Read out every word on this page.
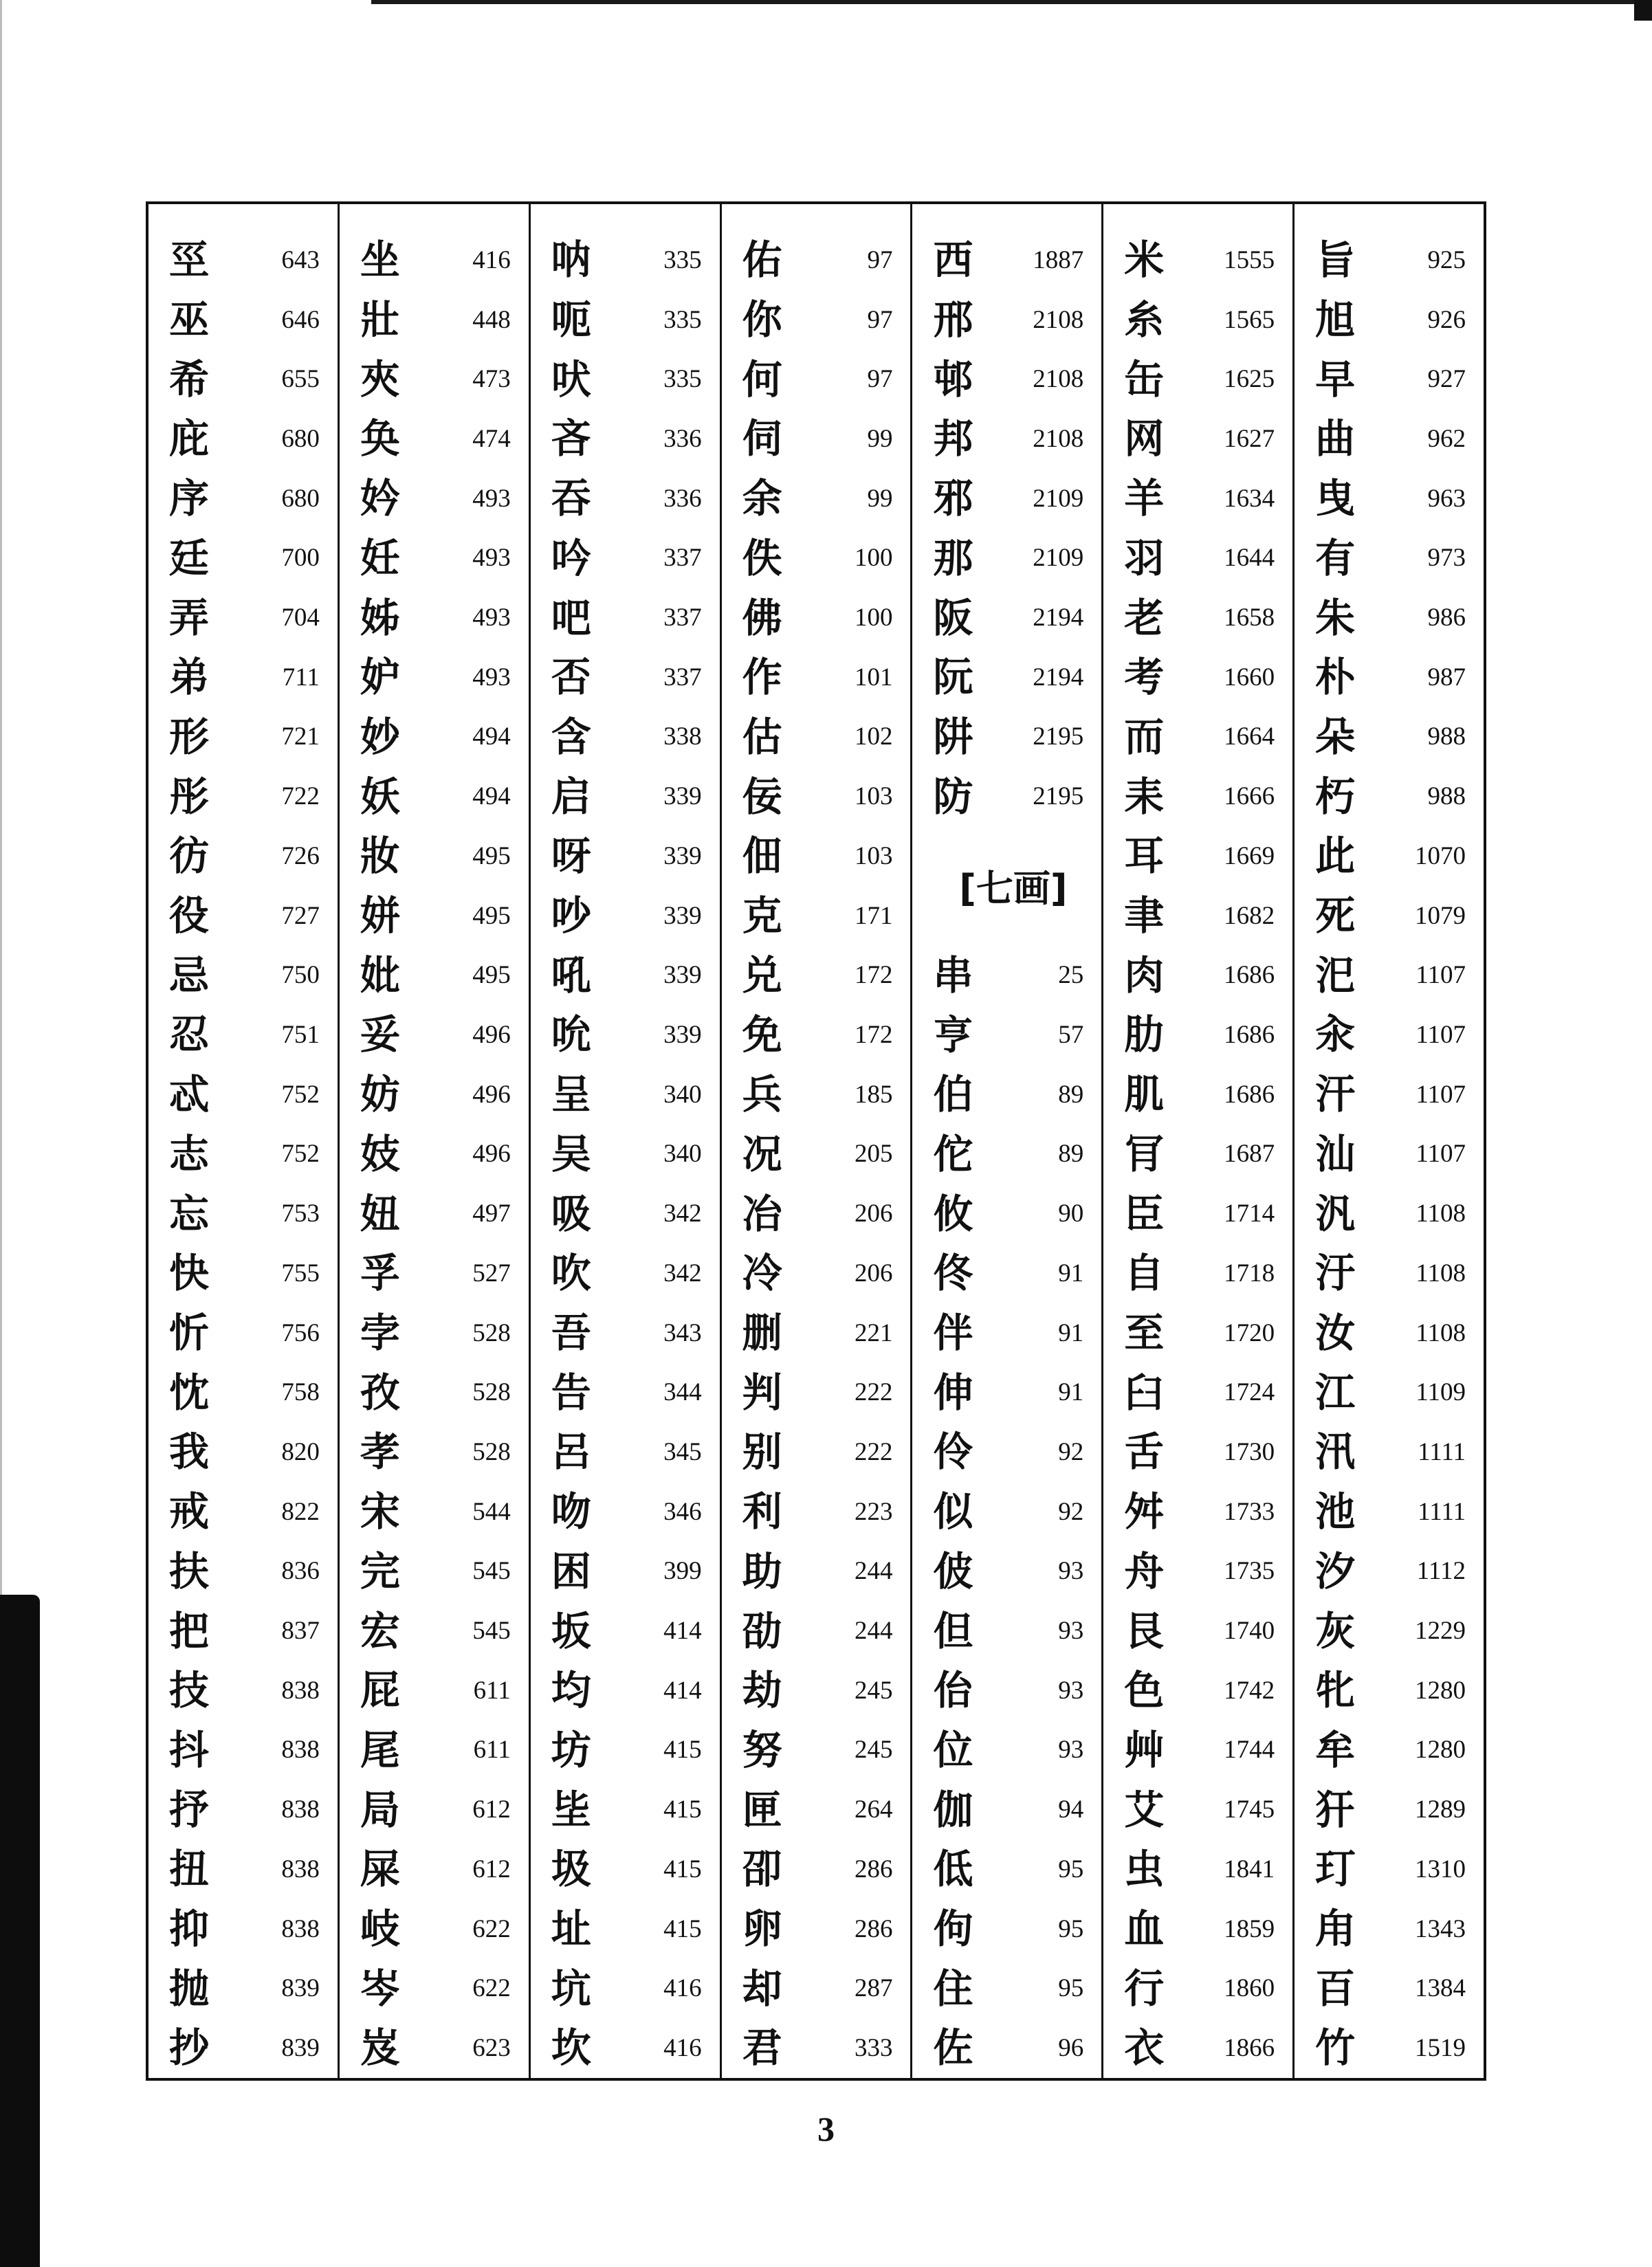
巠	643
巫	646
希	655
庇	680
序	680
廷	700
弄	704
弟	711
形	721
彤	722
彷	726
役	727
忌	750
忍	751
忒	752
志	752
忘	753
快	755
忻	756
忱	758
我	820
戒	822
扶	836
把	837
技	838
抖	838
抒	838
扭	838
抑	838
抛	839
抄	839
坐	416
壯	448
夾	473
奂	474
妗	493
妊	493
姊	493
妒	493
妙	494
妖	494
妝	495
姘	495
妣	495
妥	496
妨	496
妓	496
妞	497
孚	527
孛	528
孜	528
孝	528
宋	544
完	545
宏	545
屁	611
尾	611
局	612
屎	612
岐	622
岑	622
岌	623
呐	335
呃	335
吠	335
吝	336
吞	336
吟	337
吧	337
否	337
含	338
启	339
呀	339
吵	339
吼	339
吮	339
呈	340
吴	340
吸	342
吹	342
吾	343
告	344
呂	345
吻	346
困	399
坂	414
均	414
坊	415
坒	415
圾	415
址	415
坑	416
坎	416
佑	97
你	97
何	97
伺	99
余	99
佚	100
佛	100
作	101
估	102
佞	103
佃	103
克	171
兑	172
免	172
兵	185
况	205
冶	206
冷	206
删	221
判	222
别	222
利	223
助	244
劭	244
劫	245
努	245
匣	264
卲	286
卵	286
却	287
君	333
西	1887
邢	2108
邨	2108
邦	2108
邪	2109
那	2109
阪	2194
阮	2194
阱	2195
防	2195
[七画]
串	25
亨	57
伯	89
佗	89
攸	90
佟	91
伴	91
伸	91
伶	92
似	92
佊	93
但	93
佁	93
位	93
伽	94
低	95
佝	95
住	95
佐	96
米	1555
糸	1565
缶	1625
网	1627
羊	1634
羽	1644
老	1658
考	1660
而	1664
耒	1666
耳	1669
聿	1682
肉	1686
肋	1686
肌	1686
肎	1687
臣	1714
自	1718
至	1720
臼	1724
舌	1730
舛	1733
舟	1735
艮	1740
色	1742
艸	1744
艾	1745
虫	1841
血	1859
行	1860
衣	1866
旨	925
旭	926
早	927
曲	962
曳	963
有	973
朱	986
朴	987
朵	988
朽	988
此	1070
死	1079
汜	1107
汆	1107
汗	1107
汕	1107
汎	1108
汙	1108
汝	1108
江	1109
汛	1111
池	1111
汐	1112
灰	1229
牝	1280
牟	1280
犴	1289
玎	1310
甪	1343
百	1384
竹	1519
3
